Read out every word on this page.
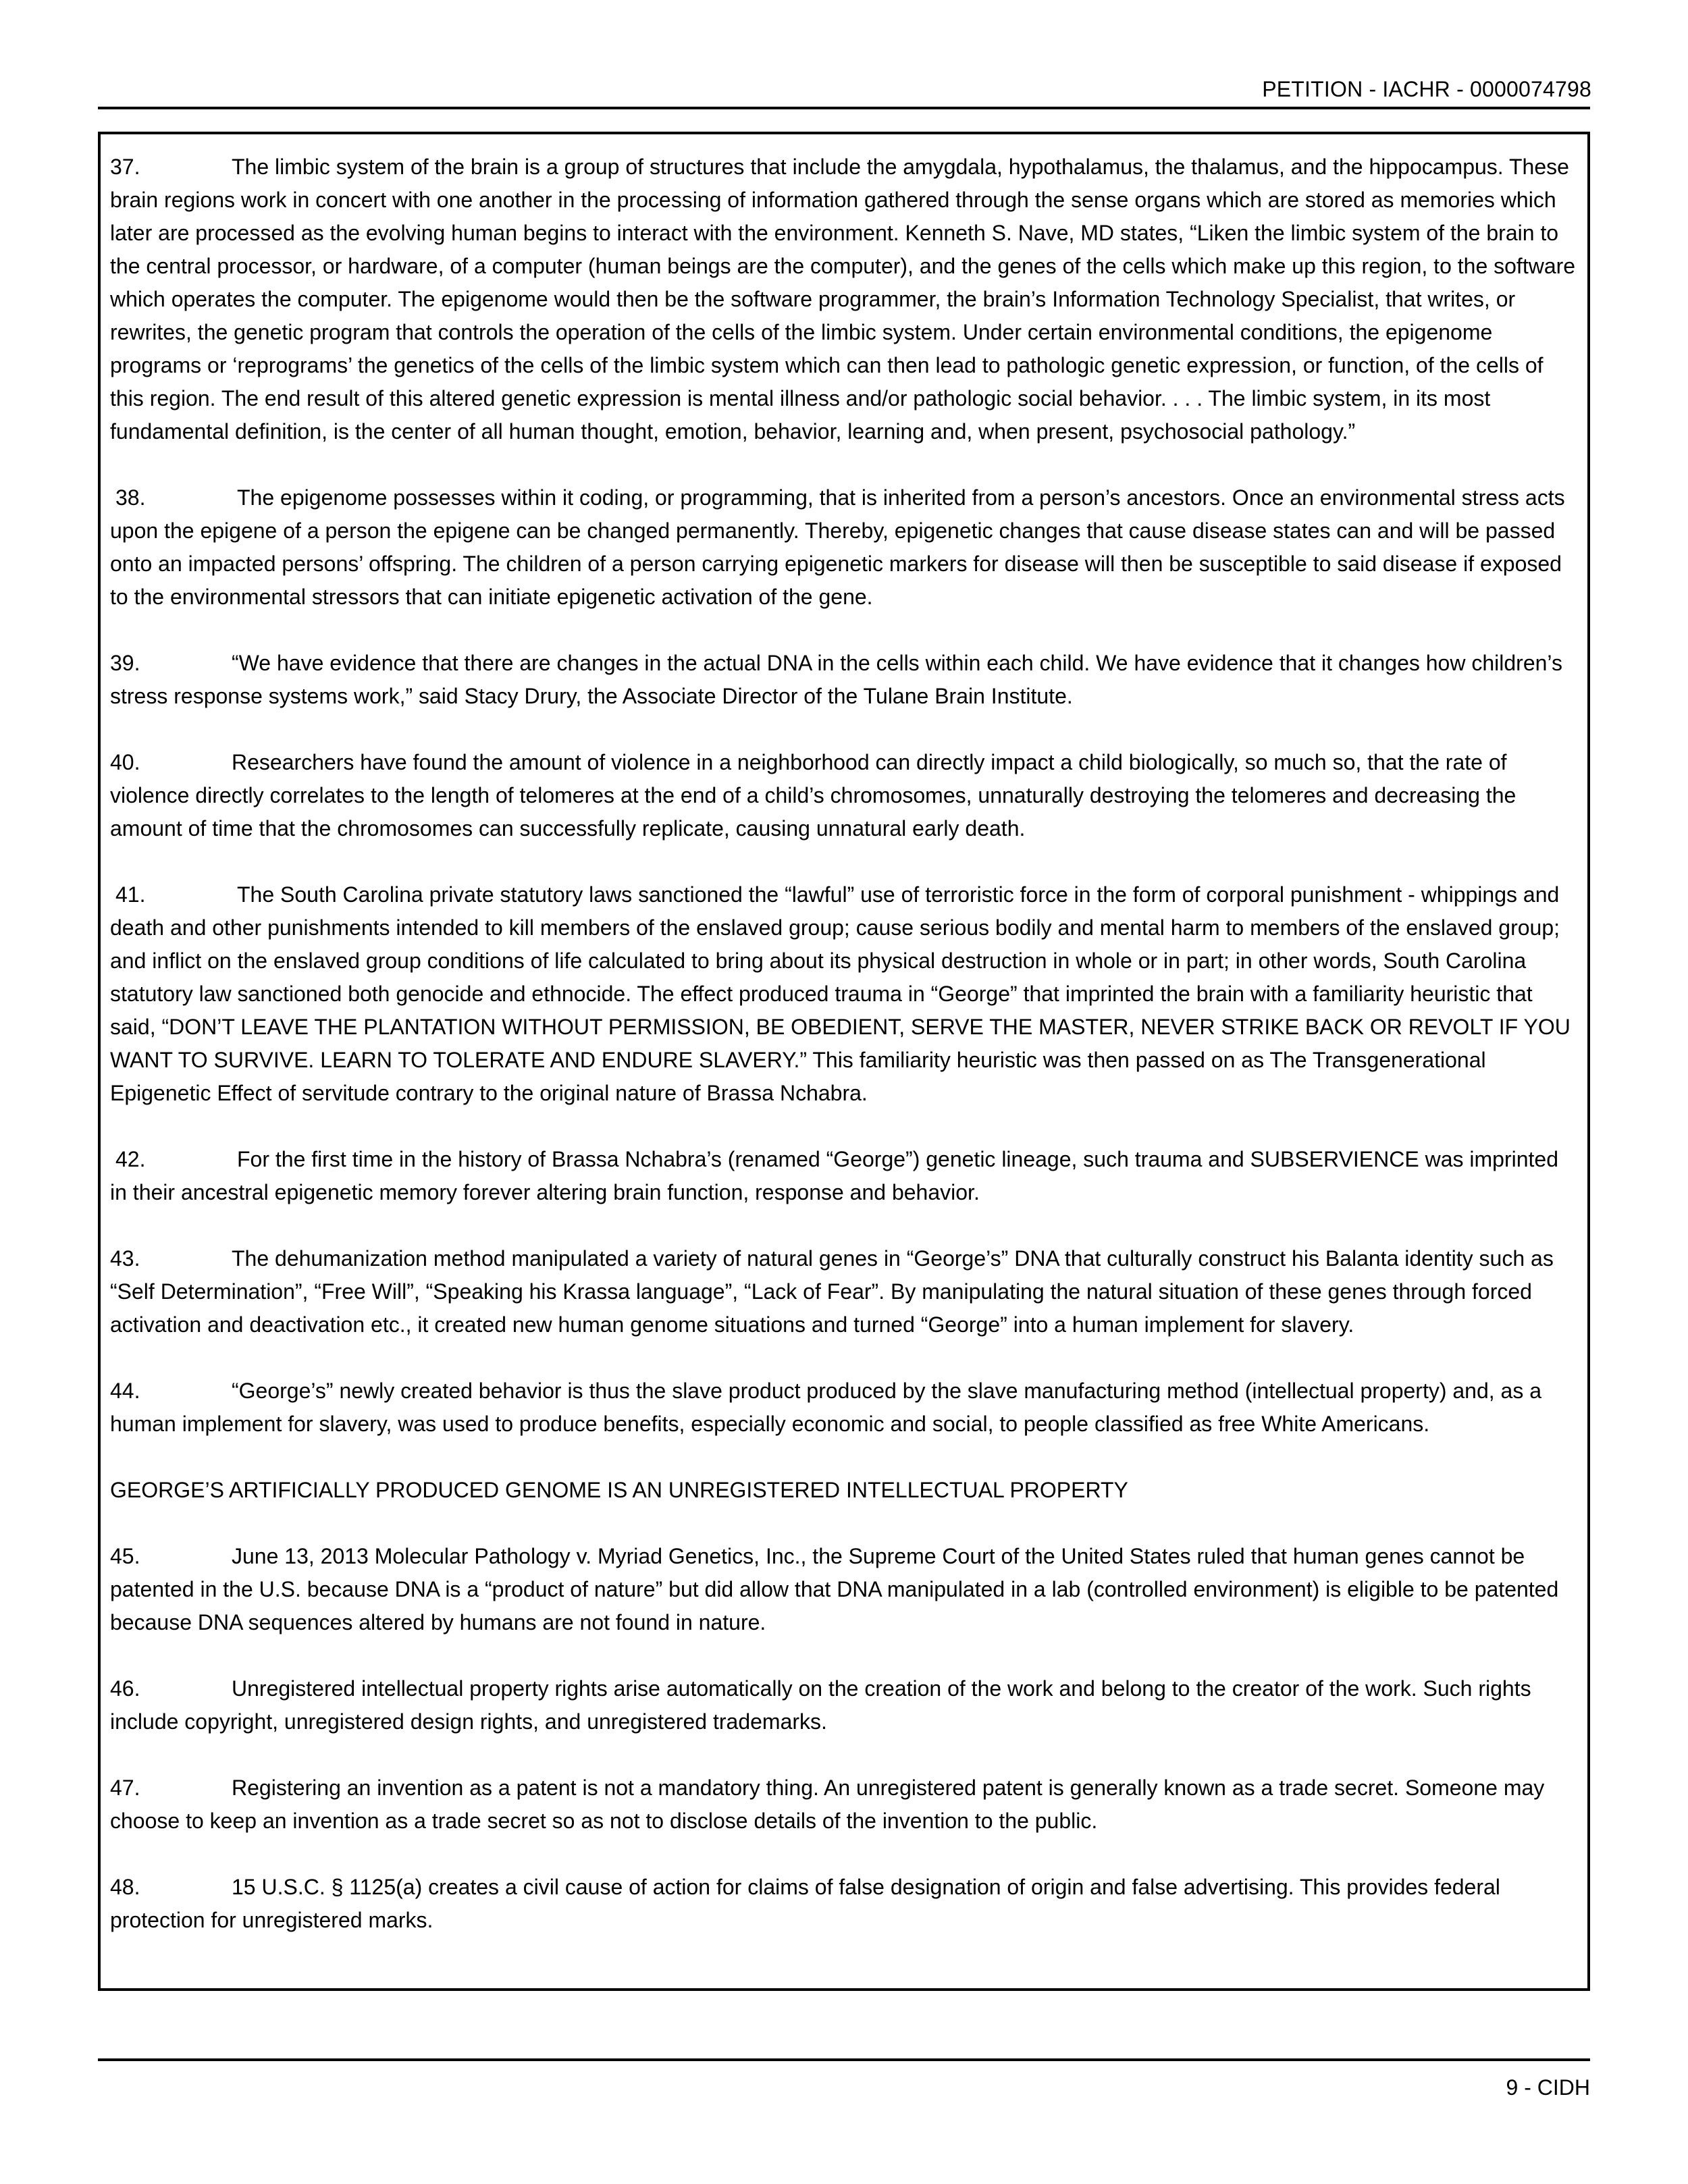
PETITION - IACHR - 0000074798

37.	The limbic system of the brain is a group of structures that include the amygdala, hypothalamus, the thalamus, and the hippocampus. These brain regions work in concert with one another in the processing of information gathered through the sense organs which are stored as memories which later are processed as the evolving human begins to interact with the environment. Kenneth S. Nave, MD states, “Liken the limbic system of the brain to the central processor, or hardware, of a computer (human beings are the computer), and the genes of the cells which make up this region, to the software which operates the computer. The epigenome would then be the software programmer, the brain’s Information Technology Specialist, that writes, or rewrites, the genetic program that controls the operation of the cells of the limbic system. Under certain environmental conditions, the epigenome programs or ‘reprograms’ the genetics of the cells of the limbic system which can then lead to pathologic genetic expression, or function, of the cells of this region. The end result of this altered genetic expression is mental illness and/or pathologic social behavior. . . . The limbic system, in its most fundamental definition, is the center of all human thought, emotion, behavior, learning and, when present, psychosocial pathology.”

38.	The epigenome possesses within it coding, or programming, that is inherited from a person’s ancestors. Once an environmental stress acts upon the epigene of a person the epigene can be changed permanently. Thereby, epigenetic changes that cause disease states can and will be passed onto an impacted persons’ offspring. The children of a person carrying epigenetic markers for disease will then be susceptible to said disease if exposed to the environmental stressors that can initiate epigenetic activation of the gene.

39.	“We have evidence that there are changes in the actual DNA in the cells within each child. We have evidence that it changes how children’s stress response systems work,” said Stacy Drury, the Associate Director of the Tulane Brain Institute.

40.	Researchers have found the amount of violence in a neighborhood can directly impact a child biologically, so much so, that the rate of violence directly correlates to the length of telomeres at the end of a child’s chromosomes, unnaturally destroying the telomeres and decreasing the amount of time that the chromosomes can successfully replicate, causing unnatural early death.

41.	The South Carolina private statutory laws sanctioned the “lawful” use of terroristic force in the form of corporal punishment - whippings and death and other punishments intended to kill members of the enslaved group; cause serious bodily and mental harm to members of the enslaved group; and inflict on the enslaved group conditions of life calculated to bring about its physical destruction in whole or in part; in other words, South Carolina statutory law sanctioned both genocide and ethnocide. The effect produced trauma in “George” that imprinted the brain with a familiarity heuristic that said, “DON’T LEAVE THE PLANTATION WITHOUT PERMISSION, BE OBEDIENT, SERVE THE MASTER, NEVER STRIKE BACK OR REVOLT IF YOU WANT TO SURVIVE. LEARN TO TOLERATE AND ENDURE SLAVERY.” This familiarity heuristic was then passed on as The Transgenerational Epigenetic Effect of servitude contrary to the original nature of Brassa Nchabra.

42.	For the first time in the history of Brassa Nchabra’s (renamed “George”) genetic lineage, such trauma and SUBSERVIENCE was imprinted in their ancestral epigenetic memory forever altering brain function, response and behavior.

43.	The dehumanization method manipulated a variety of natural genes in “George’s” DNA that culturally construct his Balanta identity such as “Self Determination”, “Free Will”, “Speaking his Krassa language”, “Lack of Fear”. By manipulating the natural situation of these genes through forced activation and deactivation etc., it created new human genome situations and turned “George” into a human implement for slavery.

44.	“George’s” newly created behavior is thus the slave product produced by the slave manufacturing method (intellectual property) and, as a human implement for slavery, was used to produce benefits, especially economic and social, to people classified as free White Americans.

GEORGE’S ARTIFICIALLY PRODUCED GENOME IS AN UNREGISTERED INTELLECTUAL PROPERTY

45.	June 13, 2013 Molecular Pathology v. Myriad Genetics, Inc., the Supreme Court of the United States ruled that human genes cannot be patented in the U.S. because DNA is a “product of nature” but did allow that DNA manipulated in a lab (controlled environment) is eligible to be patented because DNA sequences altered by humans are not found in nature.

46.	Unregistered intellectual property rights arise automatically on the creation of the work and belong to the creator of the work. Such rights include copyright, unregistered design rights, and unregistered trademarks.

47.	Registering an invention as a patent is not a mandatory thing. An unregistered patent is generally known as a trade secret. Someone may choose to keep an invention as a trade secret so as not to disclose details of the invention to the public.

48.	15 U.S.C. § 1125(a) creates a civil cause of action for claims of false designation of origin and false advertising. This provides federal protection for unregistered marks.

9 - CIDH
